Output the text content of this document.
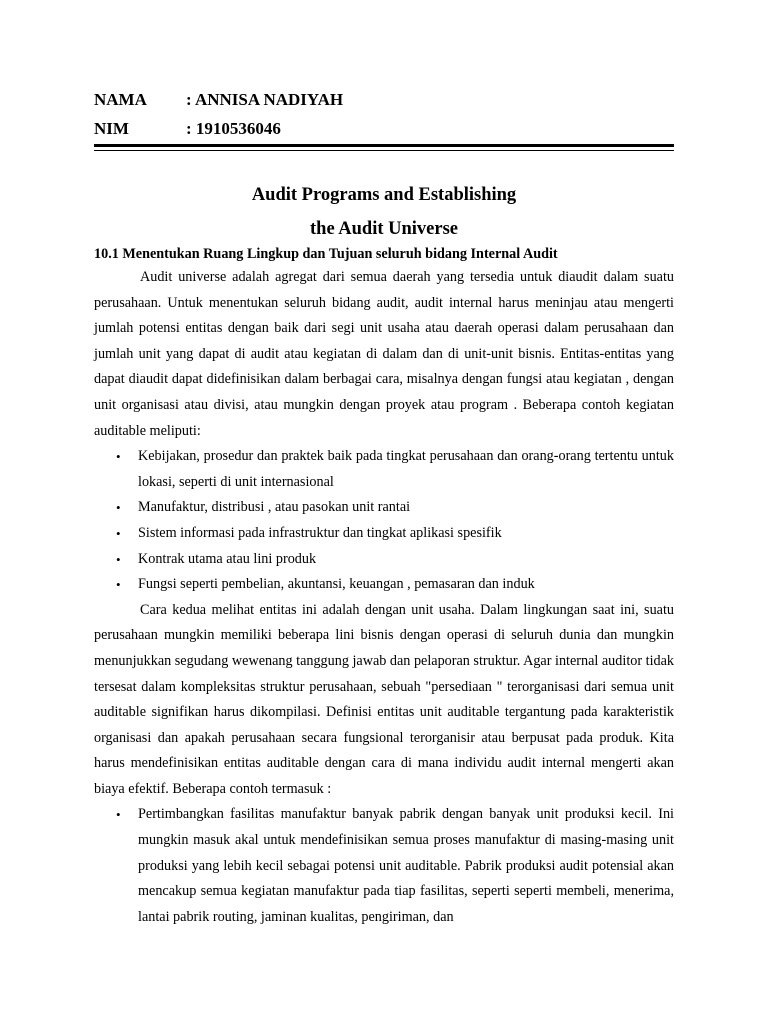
NAMA	: ANNISA NADIYAH
NIM	: 1910536046
Audit Programs and Establishing
the Audit Universe
10.1 Menentukan Ruang Lingkup dan Tujuan seluruh bidang Internal Audit

Audit universe adalah agregat dari semua daerah yang tersedia untuk diaudit dalam suatu perusahaan. Untuk menentukan seluruh bidang audit, audit internal harus meninjau atau mengerti jumlah potensi entitas dengan baik dari segi unit usaha atau daerah operasi dalam perusahaan dan jumlah unit yang dapat di audit atau kegiatan di dalam dan di unit-unit bisnis. Entitas-entitas yang dapat diaudit dapat didefinisikan dalam berbagai cara, misalnya dengan fungsi atau kegiatan , dengan unit organisasi atau divisi, atau mungkin dengan proyek atau program . Beberapa contoh kegiatan auditable meliputi:

• Kebijakan, prosedur dan praktek baik pada tingkat perusahaan dan orang-orang tertentu untuk lokasi, seperti di unit internasional
• Manufaktur, distribusi , atau pasokan unit rantai
• Sistem informasi pada infrastruktur dan tingkat aplikasi spesifik
• Kontrak utama atau lini produk
• Fungsi seperti pembelian, akuntansi, keuangan , pemasaran dan induk

Cara kedua melihat entitas ini adalah dengan unit usaha. Dalam lingkungan saat ini, suatu perusahaan mungkin memiliki beberapa lini bisnis dengan operasi di seluruh dunia dan mungkin menunjukkan segudang wewenang tanggung jawab dan pelaporan struktur. Agar internal auditor tidak tersesat dalam kompleksitas struktur perusahaan, sebuah "persediaan " terorganisasi dari semua unit auditable signifikan harus dikompilasi. Definisi entitas unit auditable tergantung pada karakteristik organisasi dan apakah perusahaan secara fungsional terorganisir atau berpusat pada produk. Kita harus mendefinisikan entitas auditable dengan cara di mana individu audit internal mengerti akan biaya efektif. Beberapa contoh termasuk :

• Pertimbangkan fasilitas manufaktur banyak pabrik dengan banyak unit produksi kecil. Ini mungkin masuk akal untuk mendefinisikan semua proses manufaktur di masing-masing unit produksi yang lebih kecil sebagai potensi unit auditable. Pabrik produksi audit potensial akan mencakup semua kegiatan manufaktur pada tiap fasilitas, seperti seperti membeli, menerima, lantai pabrik routing, jaminan kualitas, pengiriman, dan
